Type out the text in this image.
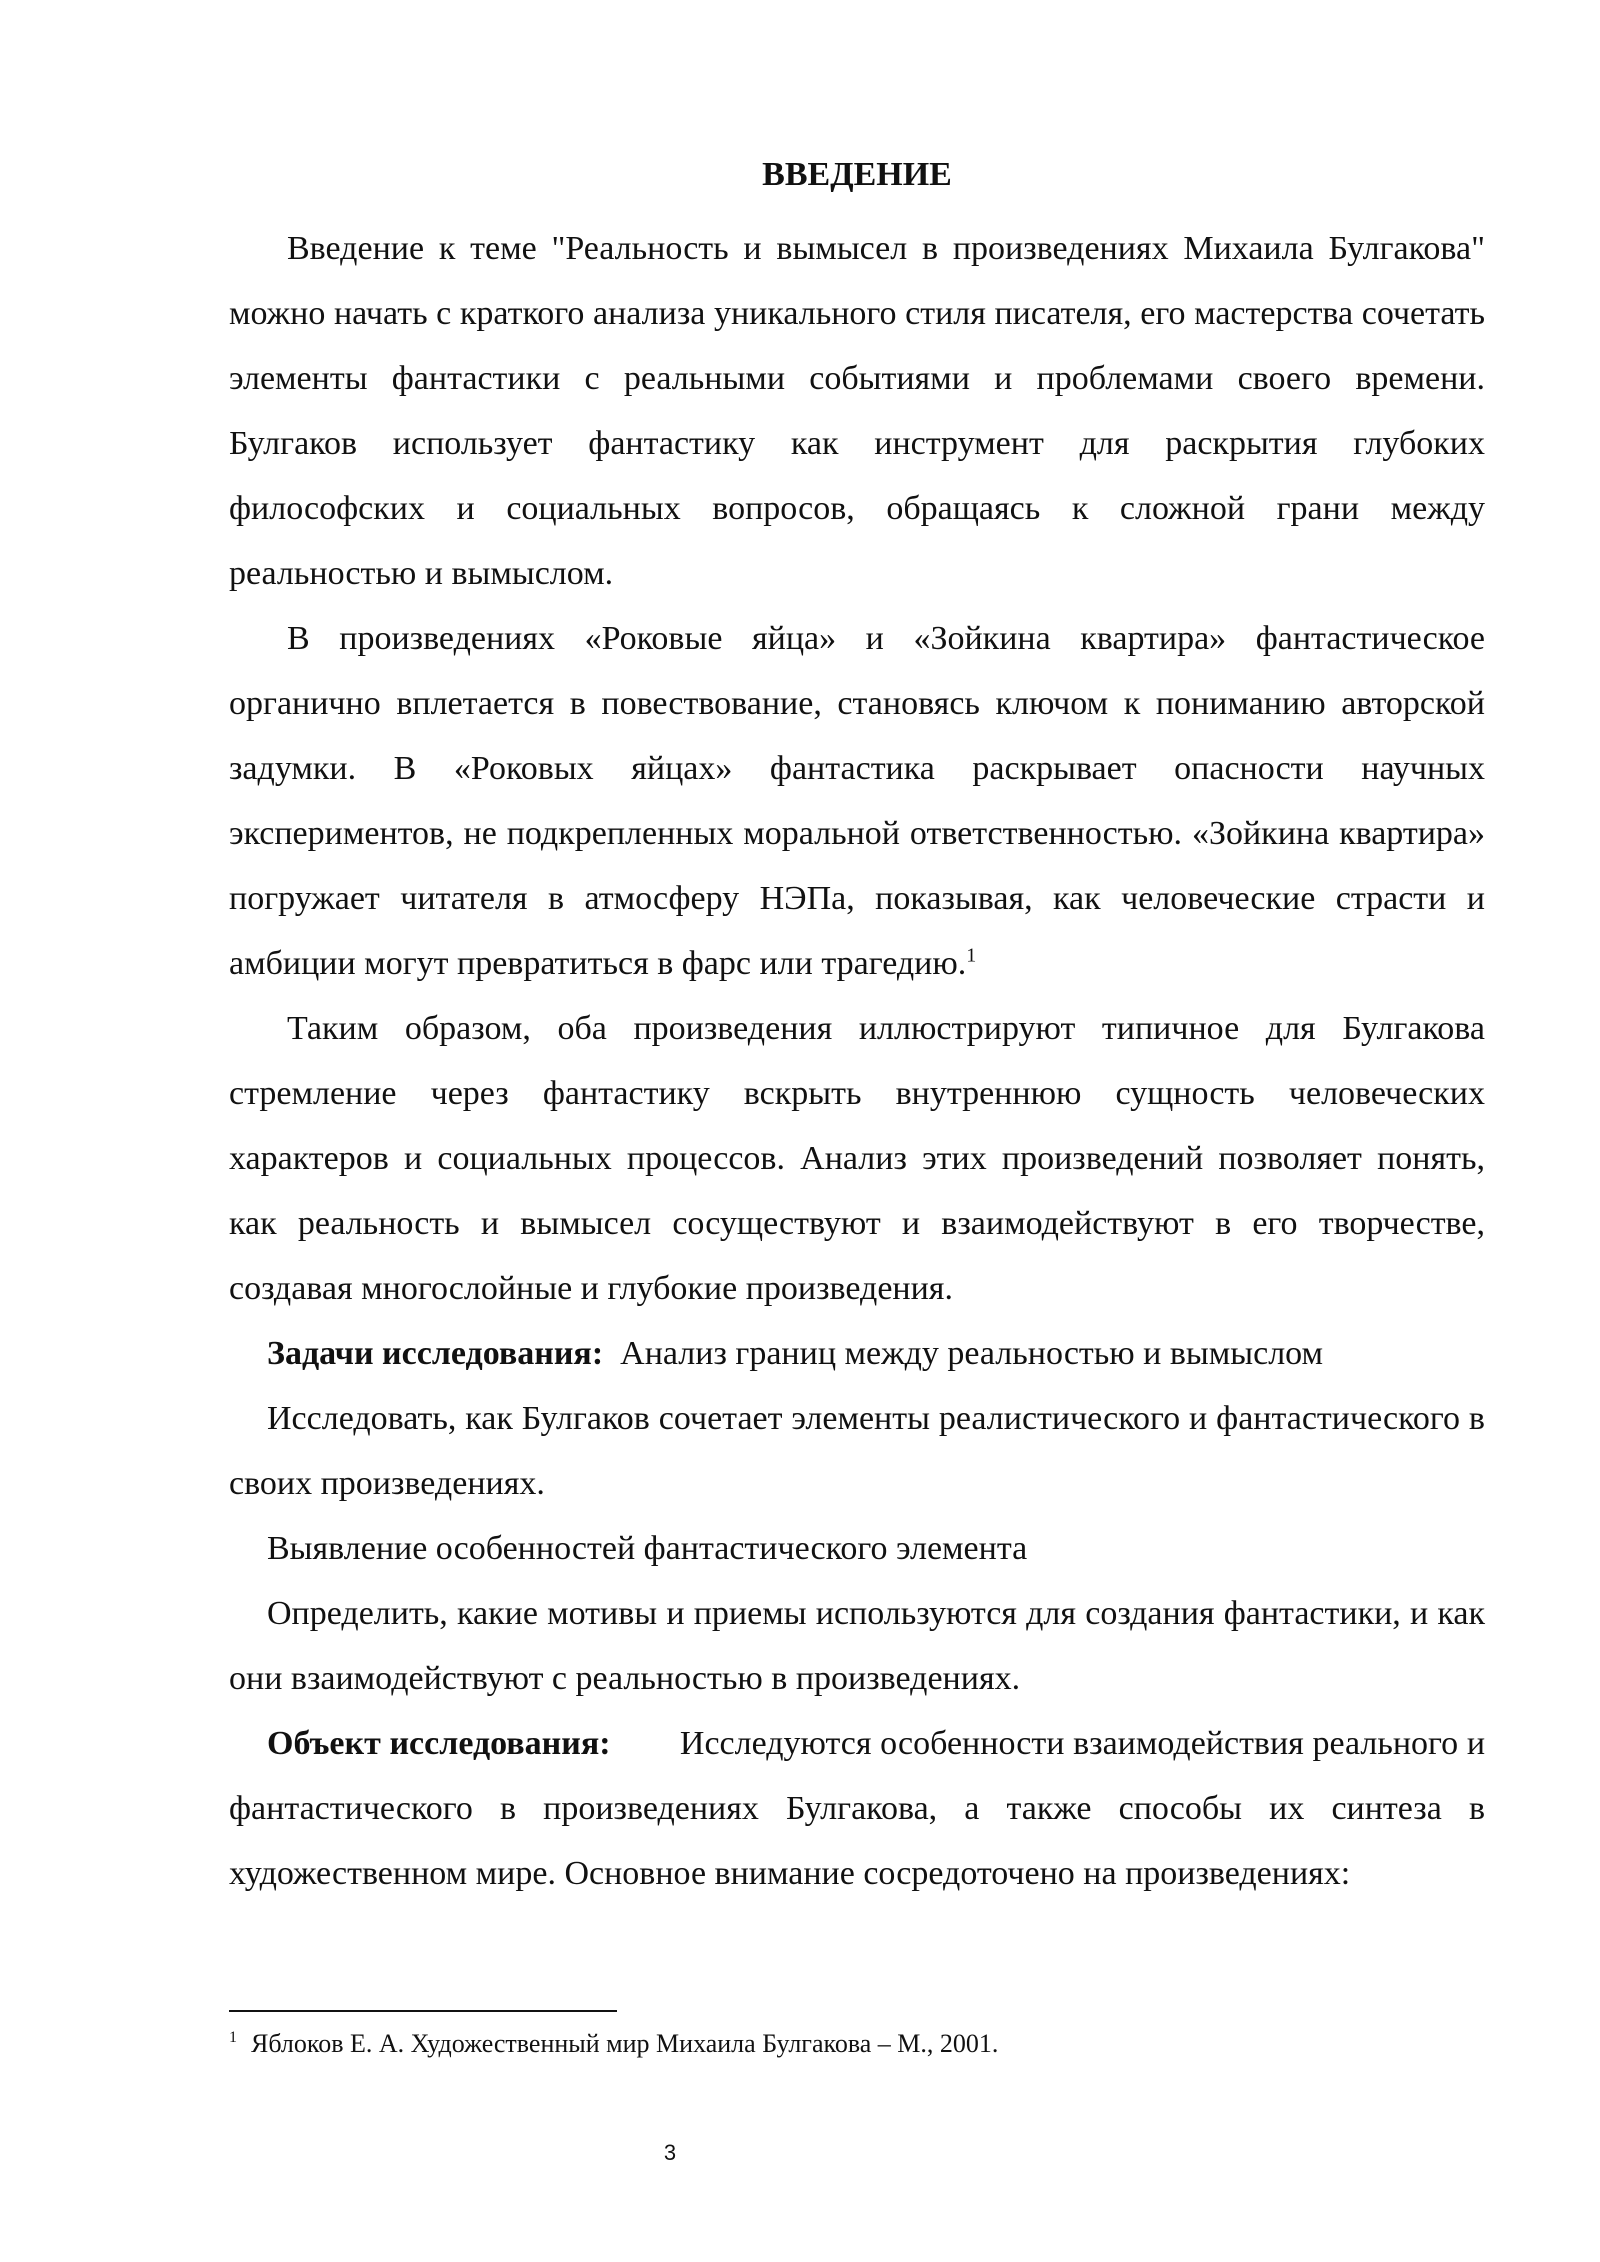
ВВЕДЕНИЕ

Введение к теме "Реальность и вымысел в произведениях Михаила Булгакова" можно начать с краткого анализа уникального стиля писателя, его мастерства сочетать элементы фантастики с реальными событиями и проблемами своего времени. Булгаков использует фантастику как инструмент для раскрытия глубоких философских и социальных вопросов, обращаясь к сложной грани между реальностью и вымыслом.

В произведениях «Роковые яйца» и «Зойкина квартира» фантастическое органично вплетается в повествование, становясь ключом к пониманию авторской задумки. В «Роковых яйцах» фантастика раскрывает опасности научных экспериментов, не подкрепленных моральной ответственностью. «Зойкина квартира» погружает читателя в атмосферу НЭПа, показывая, как человеческие страсти и амбиции могут превратиться в фарс или трагедию.$^1$

Таким образом, оба произведения иллюстрируют типичное для Булгакова стремление через фантастику вскрыть внутреннюю сущность человеческих характеров и социальных процессов. Анализ этих произведений позволяет понять, как реальность и вымысел сосуществуют и взаимодействуют в его творчестве, создавая многослойные и глубокие произведения.

Задачи исследования: Анализ границ между реальностью и вымыслом

Исследовать, как Булгаков сочетает элементы реалистического и фантастического в своих произведениях.

Выявление особенностей фантастического элемента

Определить, какие мотивы и приемы используются для создания фантастики, и как они взаимодействуют с реальностью в произведениях.

Объект исследования: Исследуются особенности взаимодействия реального и фантастического в произведениях Булгакова, а также способы их синтеза в художественном мире. Основное внимание сосредоточено на произведениях:

$^1$ Яблоков Е. А. Художественный мир Михаила Булгакова – М., 2001.
3
